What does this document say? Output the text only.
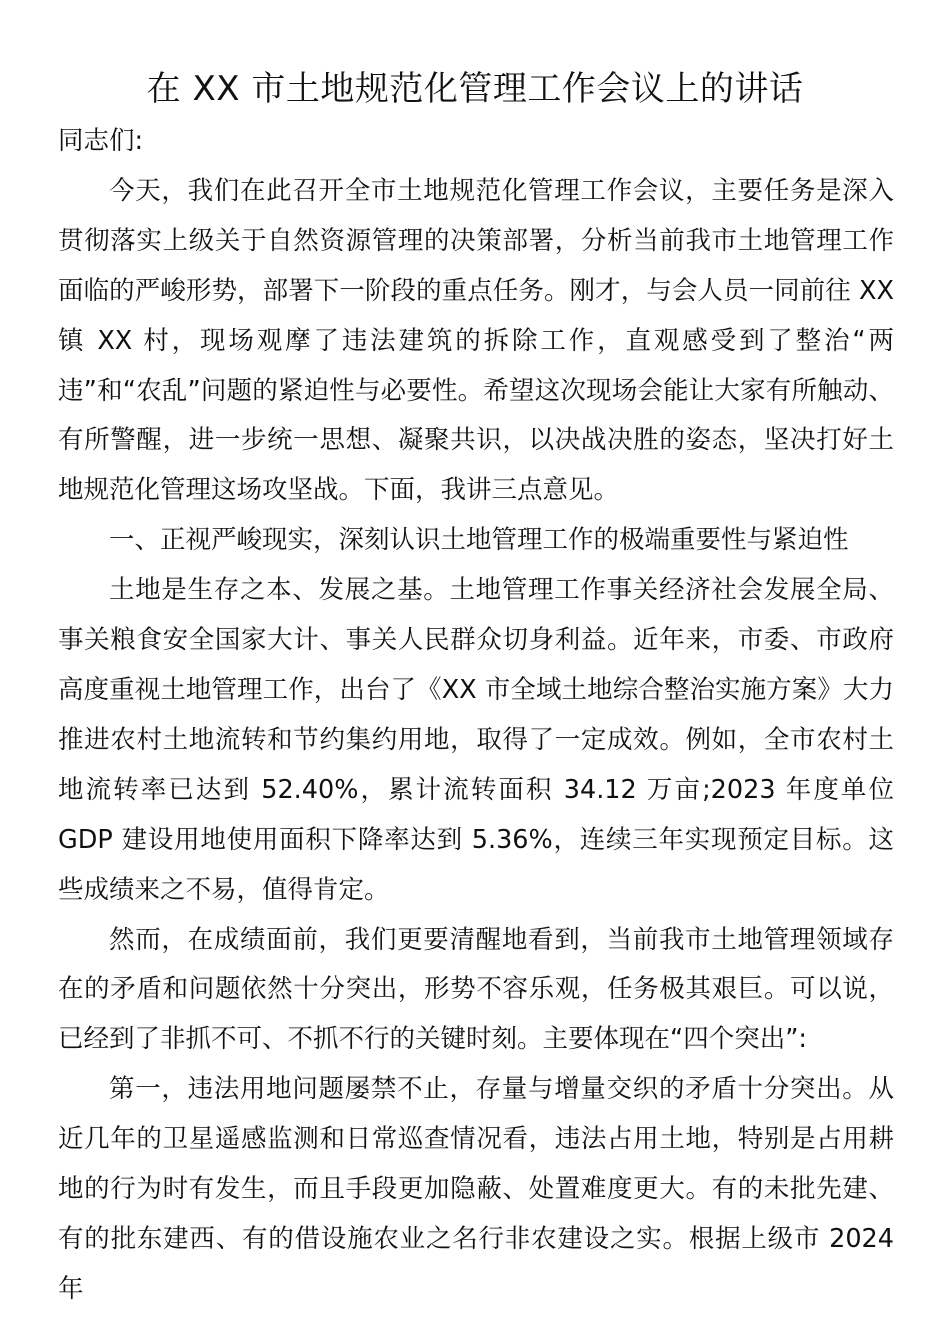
在 XX 市土地规范化管理工作会议上的讲话

同志们:

今天，我们在此召开全市土地规范化管理工作会议，主要任务是深入贯彻落实上级关于自然资源管理的决策部署，分析当前我市土地管理工作面临的严峻形势，部署下一阶段的重点任务。刚才，与会人员一同前往 XX 镇 XX 村，现场观摩了违法建筑的拆除工作，直观感受到了整治“两违”和“农乱”问题的紧迫性与必要性。希望这次现场会能让大家有所触动、有所警醒，进一步统一思想、凝聚共识，以决战决胜的姿态，坚决打好土地规范化管理这场攻坚战。下面，我讲三点意见。

一、正视严峻现实，深刻认识土地管理工作的极端重要性与紧迫性

土地是生存之本、发展之基。土地管理工作事关经济社会发展全局、事关粮食安全国家大计、事关人民群众切身利益。近年来，市委、市政府高度重视土地管理工作，出台了《XX 市全域土地综合整治实施方案》大力推进农村土地流转和节约集约用地，取得了一定成效。例如，全市农村土地流转率已达到 52.40%，累计流转面积 34.12 万亩;2023 年度单位 GDP 建设用地使用面积下降率达到 5.36%，连续三年实现预定目标。这些成绩来之不易，值得肯定。

然而，在成绩面前，我们更要清醒地看到，当前我市土地管理领域存在的矛盾和问题依然十分突出，形势不容乐观，任务极其艰巨。可以说，已经到了非抓不可、不抓不行的关键时刻。主要体现在“四个突出”:

第一，违法用地问题屡禁不止，存量与增量交织的矛盾十分突出。从近几年的卫星遥感监测和日常巡查情况看，违法占用土地，特别是占用耕地的行为时有发生，而且手段更加隐蔽、处置难度更大。有的未批先建、有的批东建西、有的借设施农业之名行非农建设之实。根据上级市 2024 年
